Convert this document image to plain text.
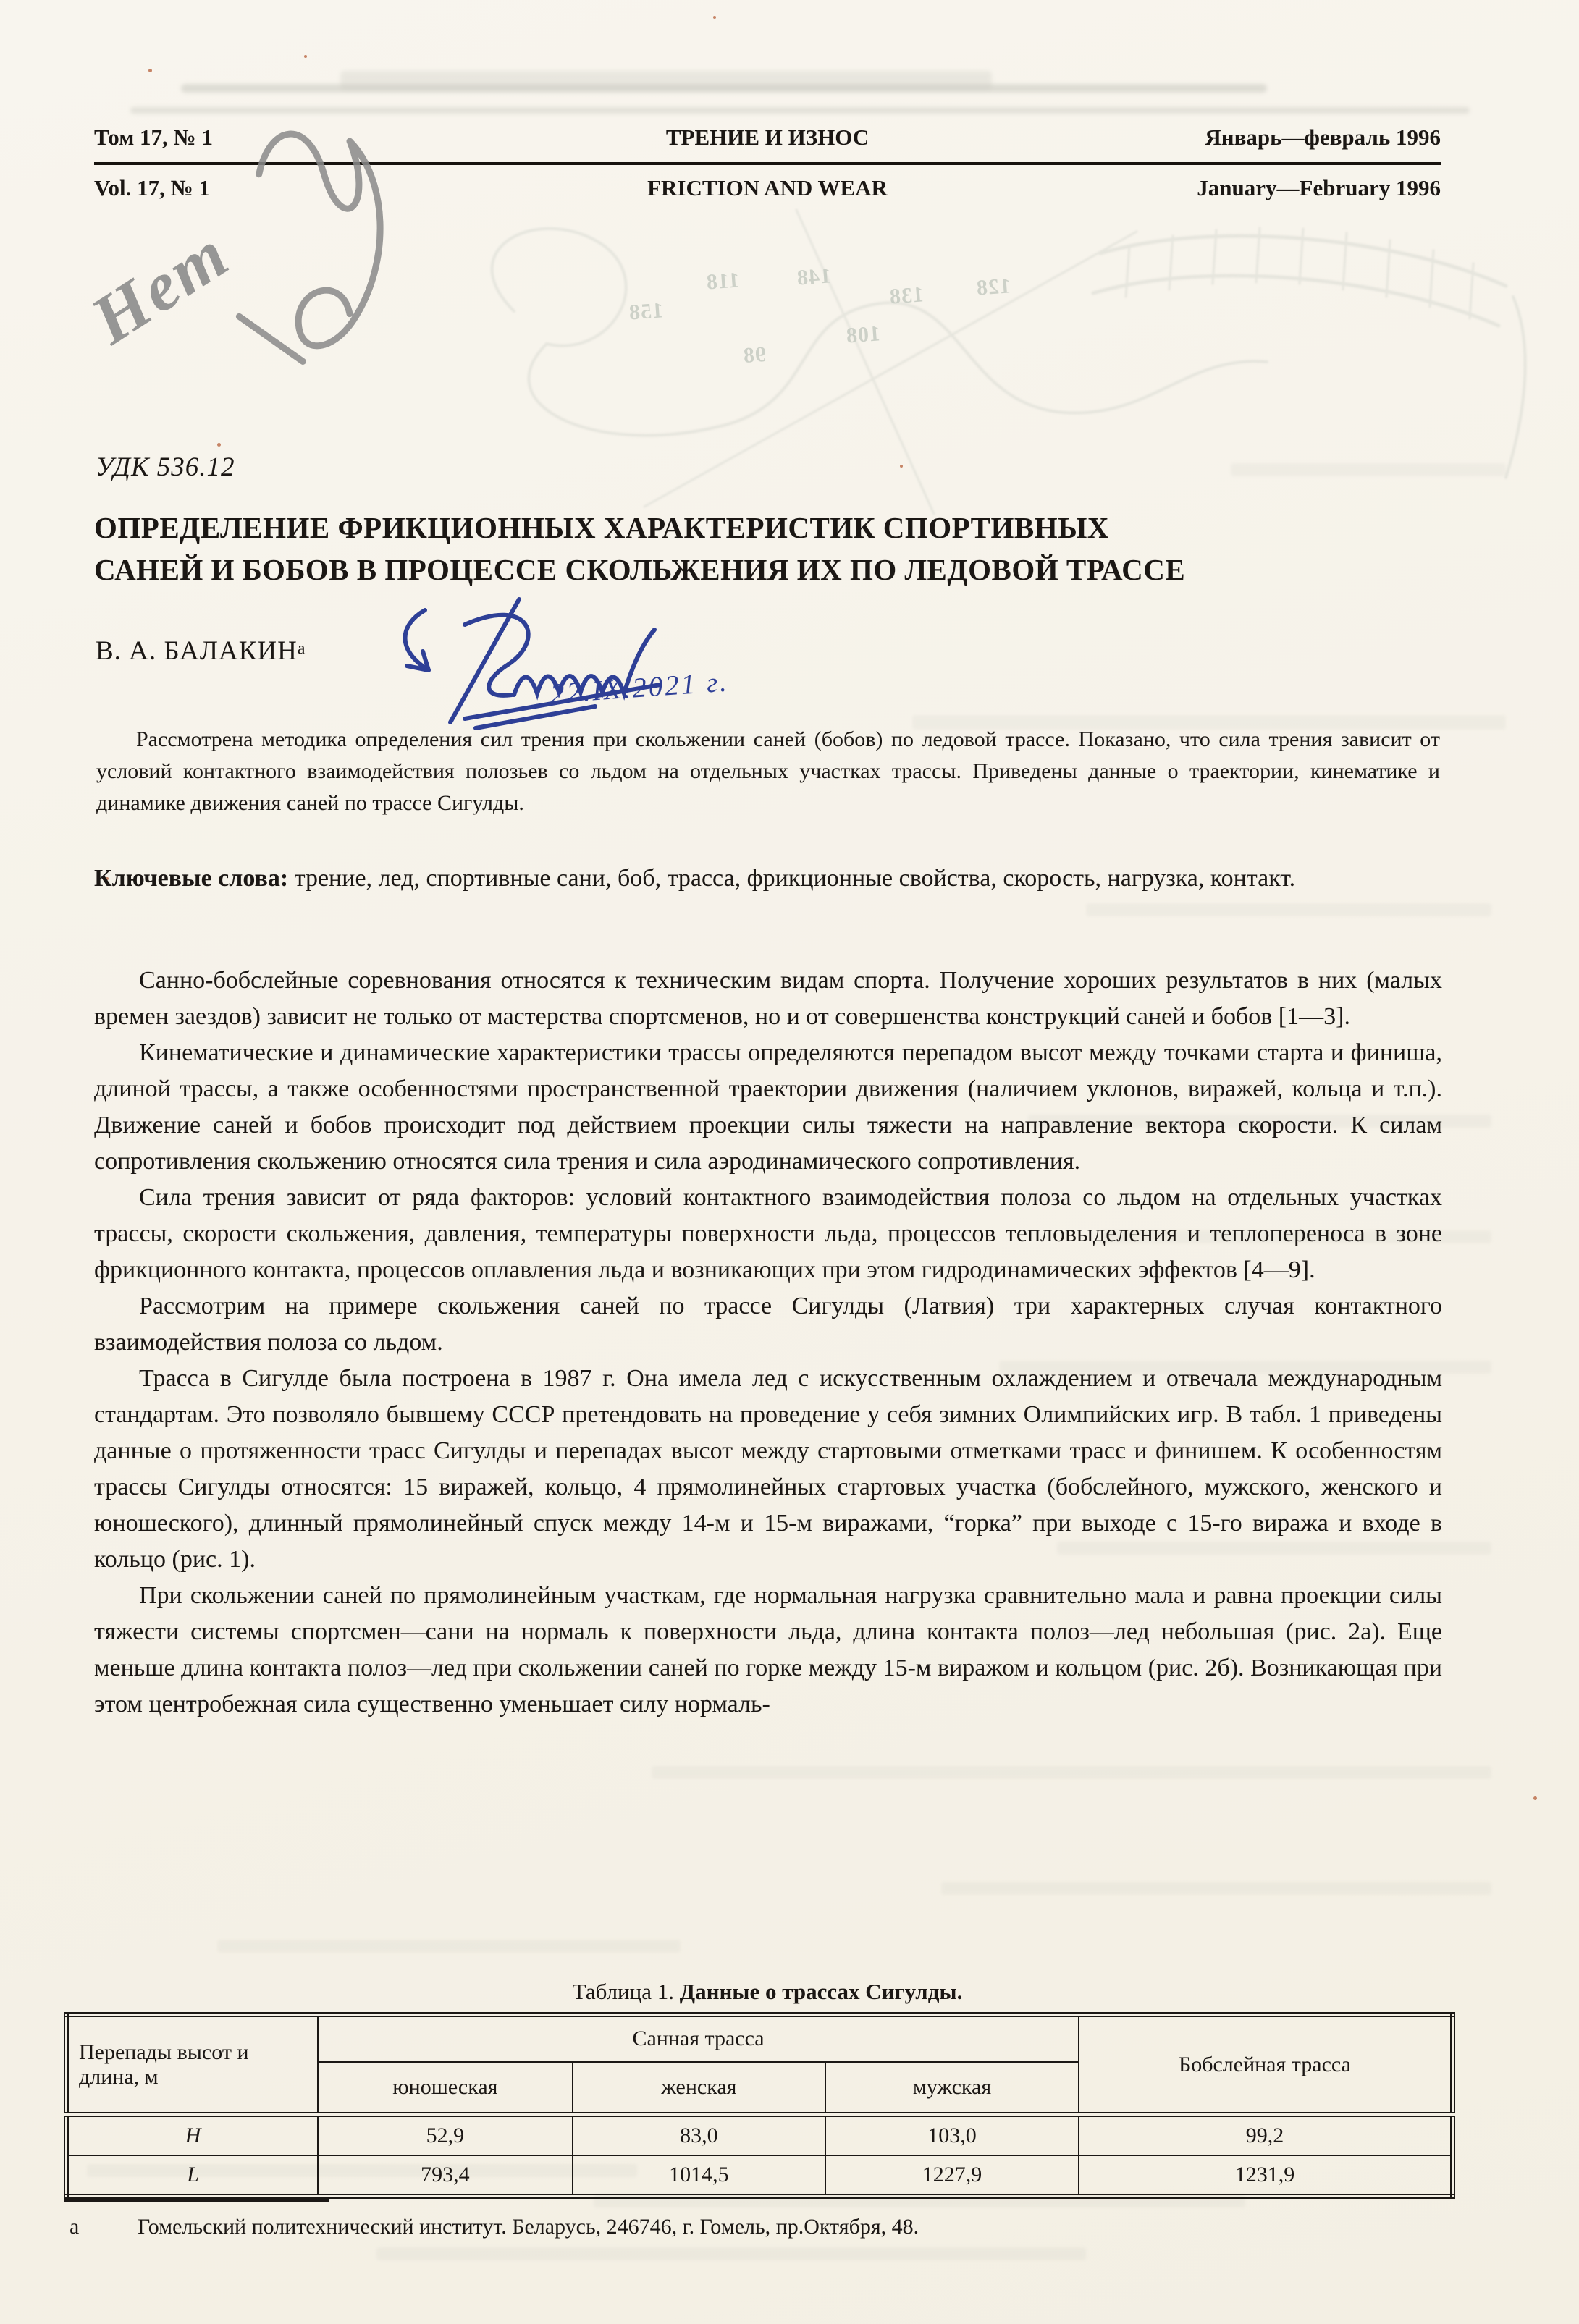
118	148
138 128
158
108
98
Том 17, № 1	ТРЕНИЕ И ИЗНОС	Январь—февраль 1996
Vol. 17, № 1	FRICTION AND WEAR	January—February 1996
Нет
УДК 536.12
ОПРЕДЕЛЕНИЕ ФРИКЦИОННЫХ ХАРАКТЕРИСТИК СПОРТИВНЫХ
САНЕЙ И БОБОВ В ПРОЦЕССЕ СКОЛЬЖЕНИЯ ИХ ПО ЛЕДОВОЙ ТРАССЕ
В. А. $БАЛАКИН^а$
22.IX.2021 г.
Рассмотрена методика определения сил трения при скольжении саней (бобов) по ледовой трассе. Показано, что сила трения зависит от условий контактного взаимодействия полозьев со льдом на отдельных участках трассы. Приведены данные о траектории, кинематике и динамике движения саней по трассе Сигулды.
Ключевые слова: трение, лед, спортивные сани, боб, трасса, фрикционные свойства, скорость, нагрузка, контакт.

Санно-бобслейные соревнования относятся к техническим видам спорта. Получение хороших результатов в них (малых времен заездов) зависит не только от мастерства спортсменов, но и от совершенства конструкций саней и бобов [1—3].

Кинематические и динамические характеристики трассы определяются перепадом высот между точками старта и финиша, длиной трассы, а также особенностями пространственной траектории движения (наличием уклонов, виражей, кольца и т.п.). Движение саней и бобов происходит под действием проекции силы тяжести на направление вектора скорости. К силам сопротивления скольжению относятся сила трения и сила аэродинамического сопротивления.

Сила трения зависит от ряда факторов: условий контактного взаимодействия полоза со льдом на отдельных участках трассы, скорости скольжения, давления, температуры поверхности льда, процессов тепловыделения и теплопереноса в зоне фрикционного контакта, процессов оплавления льда и возникающих при этом гидродинамических эффектов [4—9].

Рассмотрим на примере скольжения саней по трассе Сигулды (Латвия) три характерных случая контактного взаимодействия полоза со льдом.

Трасса в Сигулде была построена в 1987 г. Она имела лед с искусственным охлаждением и отвечала международным стандартам. Это позволяло бывшему СССР претендовать на проведение у себя зимних Олимпийских игр. В табл. 1 приведены данные о протяженности трасс Сигулды и перепадах высот между стартовыми отметками трасс и финишем. К особенностям трассы Сигулды относятся: 15 виражей, кольцо, 4 прямолинейных стартовых участка (бобслейного, мужского, женского и юношеского), длинный прямолинейный спуск между 14-м и 15-м виражами, “горка” при выходе с 15-го виража и входе в кольцо (рис. 1).

При скольжении саней по прямолинейным участкам, где нормальная нагрузка сравнительно мала и равна проекции силы тяжести системы спортсмен—сани на нормаль к поверхности льда, длина контакта полоз—лед небольшая (рис. 2а). Еще меньше длина контакта полоз—лед при скольжении саней по горке между 15-м виражом и кольцом (рис. 2б). Возникающая при этом центробежная сила существенно уменьшает силу нормаль-

Таблица 1. Данные о трассах Сигулды.
Перепады высот и длина, м	Санная трасса			Бобслейная трасса
	юношеская	женская	мужская	
H	52,9	83,0	103,0	99,2
L	793,4	1014,5	1227,9	1231,9
а	Гомельский политехнический институт. Беларусь, 246746, г. Гомель, пр.Октября, 48.
